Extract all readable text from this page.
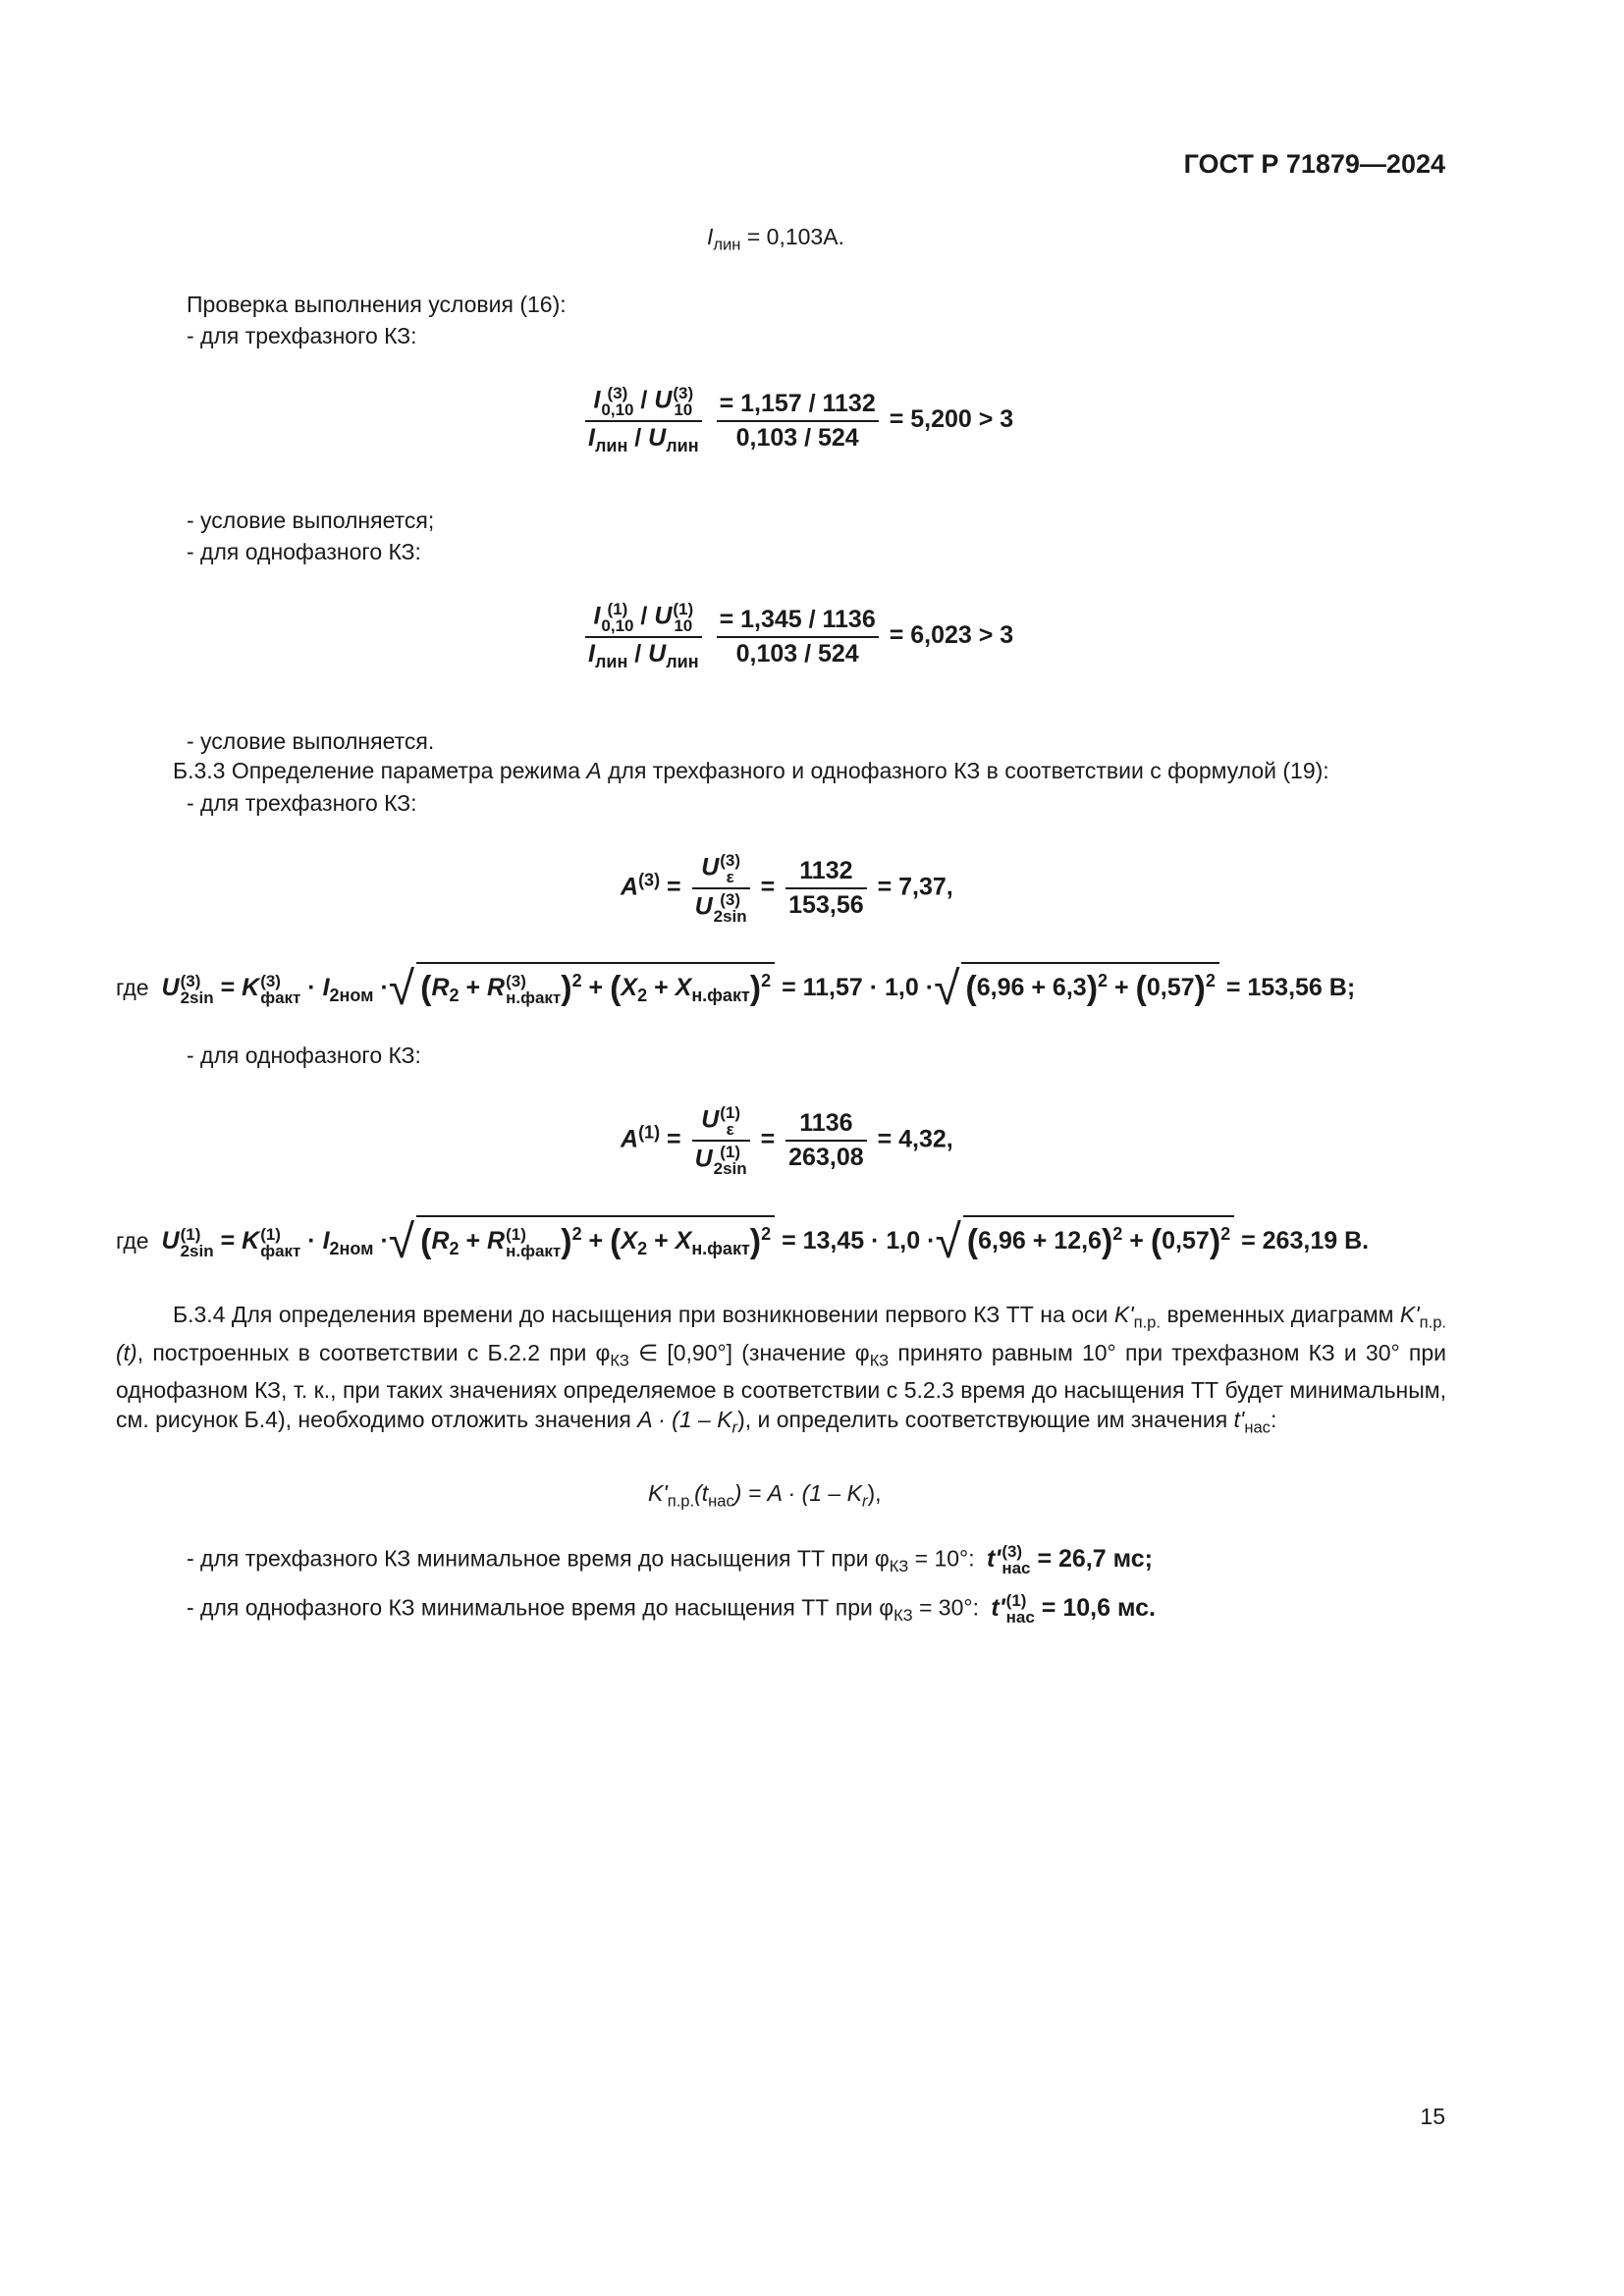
ГОСТ Р 71879—2024
$I_{лин} = 0,103А$.
Проверка выполнения условия (16):
- для трехфазного КЗ:
I (3)
0,10 / U (3)
10
$I_{лин} / U_{лин}$
$\frac{= 1,157 / 1132}{0,103 / 524} = 5,200 > 3$
- условие выполняется;
- для однофазного КЗ:
I (1)
0,10 / U (1)
10
$I_{лин} / U_{лин}$
$\frac{= 1,345 / 1136}{0,103 / 524} = 6,023 > 3$
- условие выполняется.
Б.3.3 Определение параметра режима A для трехфазного и однофазного КЗ в соответствии с формулой (19):
- для трехфазного КЗ:
$A^{(3)} = U$ (3)
ε
U (3)
$2\sin = \frac{1132}{153,56} = 7,37$,
где U (3)
2sin = K (3)
факт · $I_{2ном}$ ·√ ($R_2 + R$ (3)
н.факт )$^2 + (X_2 + X_{н.факт})^2 = 11,57 \cdot 1,0$ ·√ $(6,96 + 6,3)^2 + (0,57)^2 = 153,56$ В;
- для однофазного КЗ:
$A^{(1)} = U$ (1)
ε
U (1)
$2\sin = \frac{1136}{263,08} = 4,32$,
где U (1)
2sin = K (1)
факт · $I_{2ном}$ ·√ ($R_2 + R$ (1)
н.факт )$^2 + (X_2 + X_{н.факт})^2 = 13,45 \cdot 1,0$ ·√ $(6,96 + 12,6)^2 + (0,57)^2 = 263,19$ В.
Б.3.4 Для определения времени до насыщения при возникновении первого КЗ ТТ на оси $K'_{п.р.}$ временных диаграмм $K'_{п.р.}(t)$, построенных в соответствии с Б.2.2 при $\varphi_{КЗ}$ ∈ [0,90°] (значение $\varphi_{КЗ}$ принято равным 10° при трехфазном КЗ и 30° при однофазном КЗ, т. к., при таких значениях определяемое в соответствии с 5.2.3 время до насыщения ТТ будет минимальным, см. рисунок Б.4), необходимо отложить значения $A \cdot (1 - K_r)$, и определить соответствующие им значения $t'_{нас}$:
$K'_{п.р.}(t_{нас}) = A \cdot (1 - K_r)$,
- для трехфазного КЗ минимальное время до насыщения ТТ при $\varphi_{КЗ} = 10^\circ$: t' (3)
нас = 26,7 мс;
- для однофазного КЗ минимальное время до насыщения ТТ при $\varphi_{КЗ} = 30^\circ$: t' (1)
нас = 10,6 мс.
15
